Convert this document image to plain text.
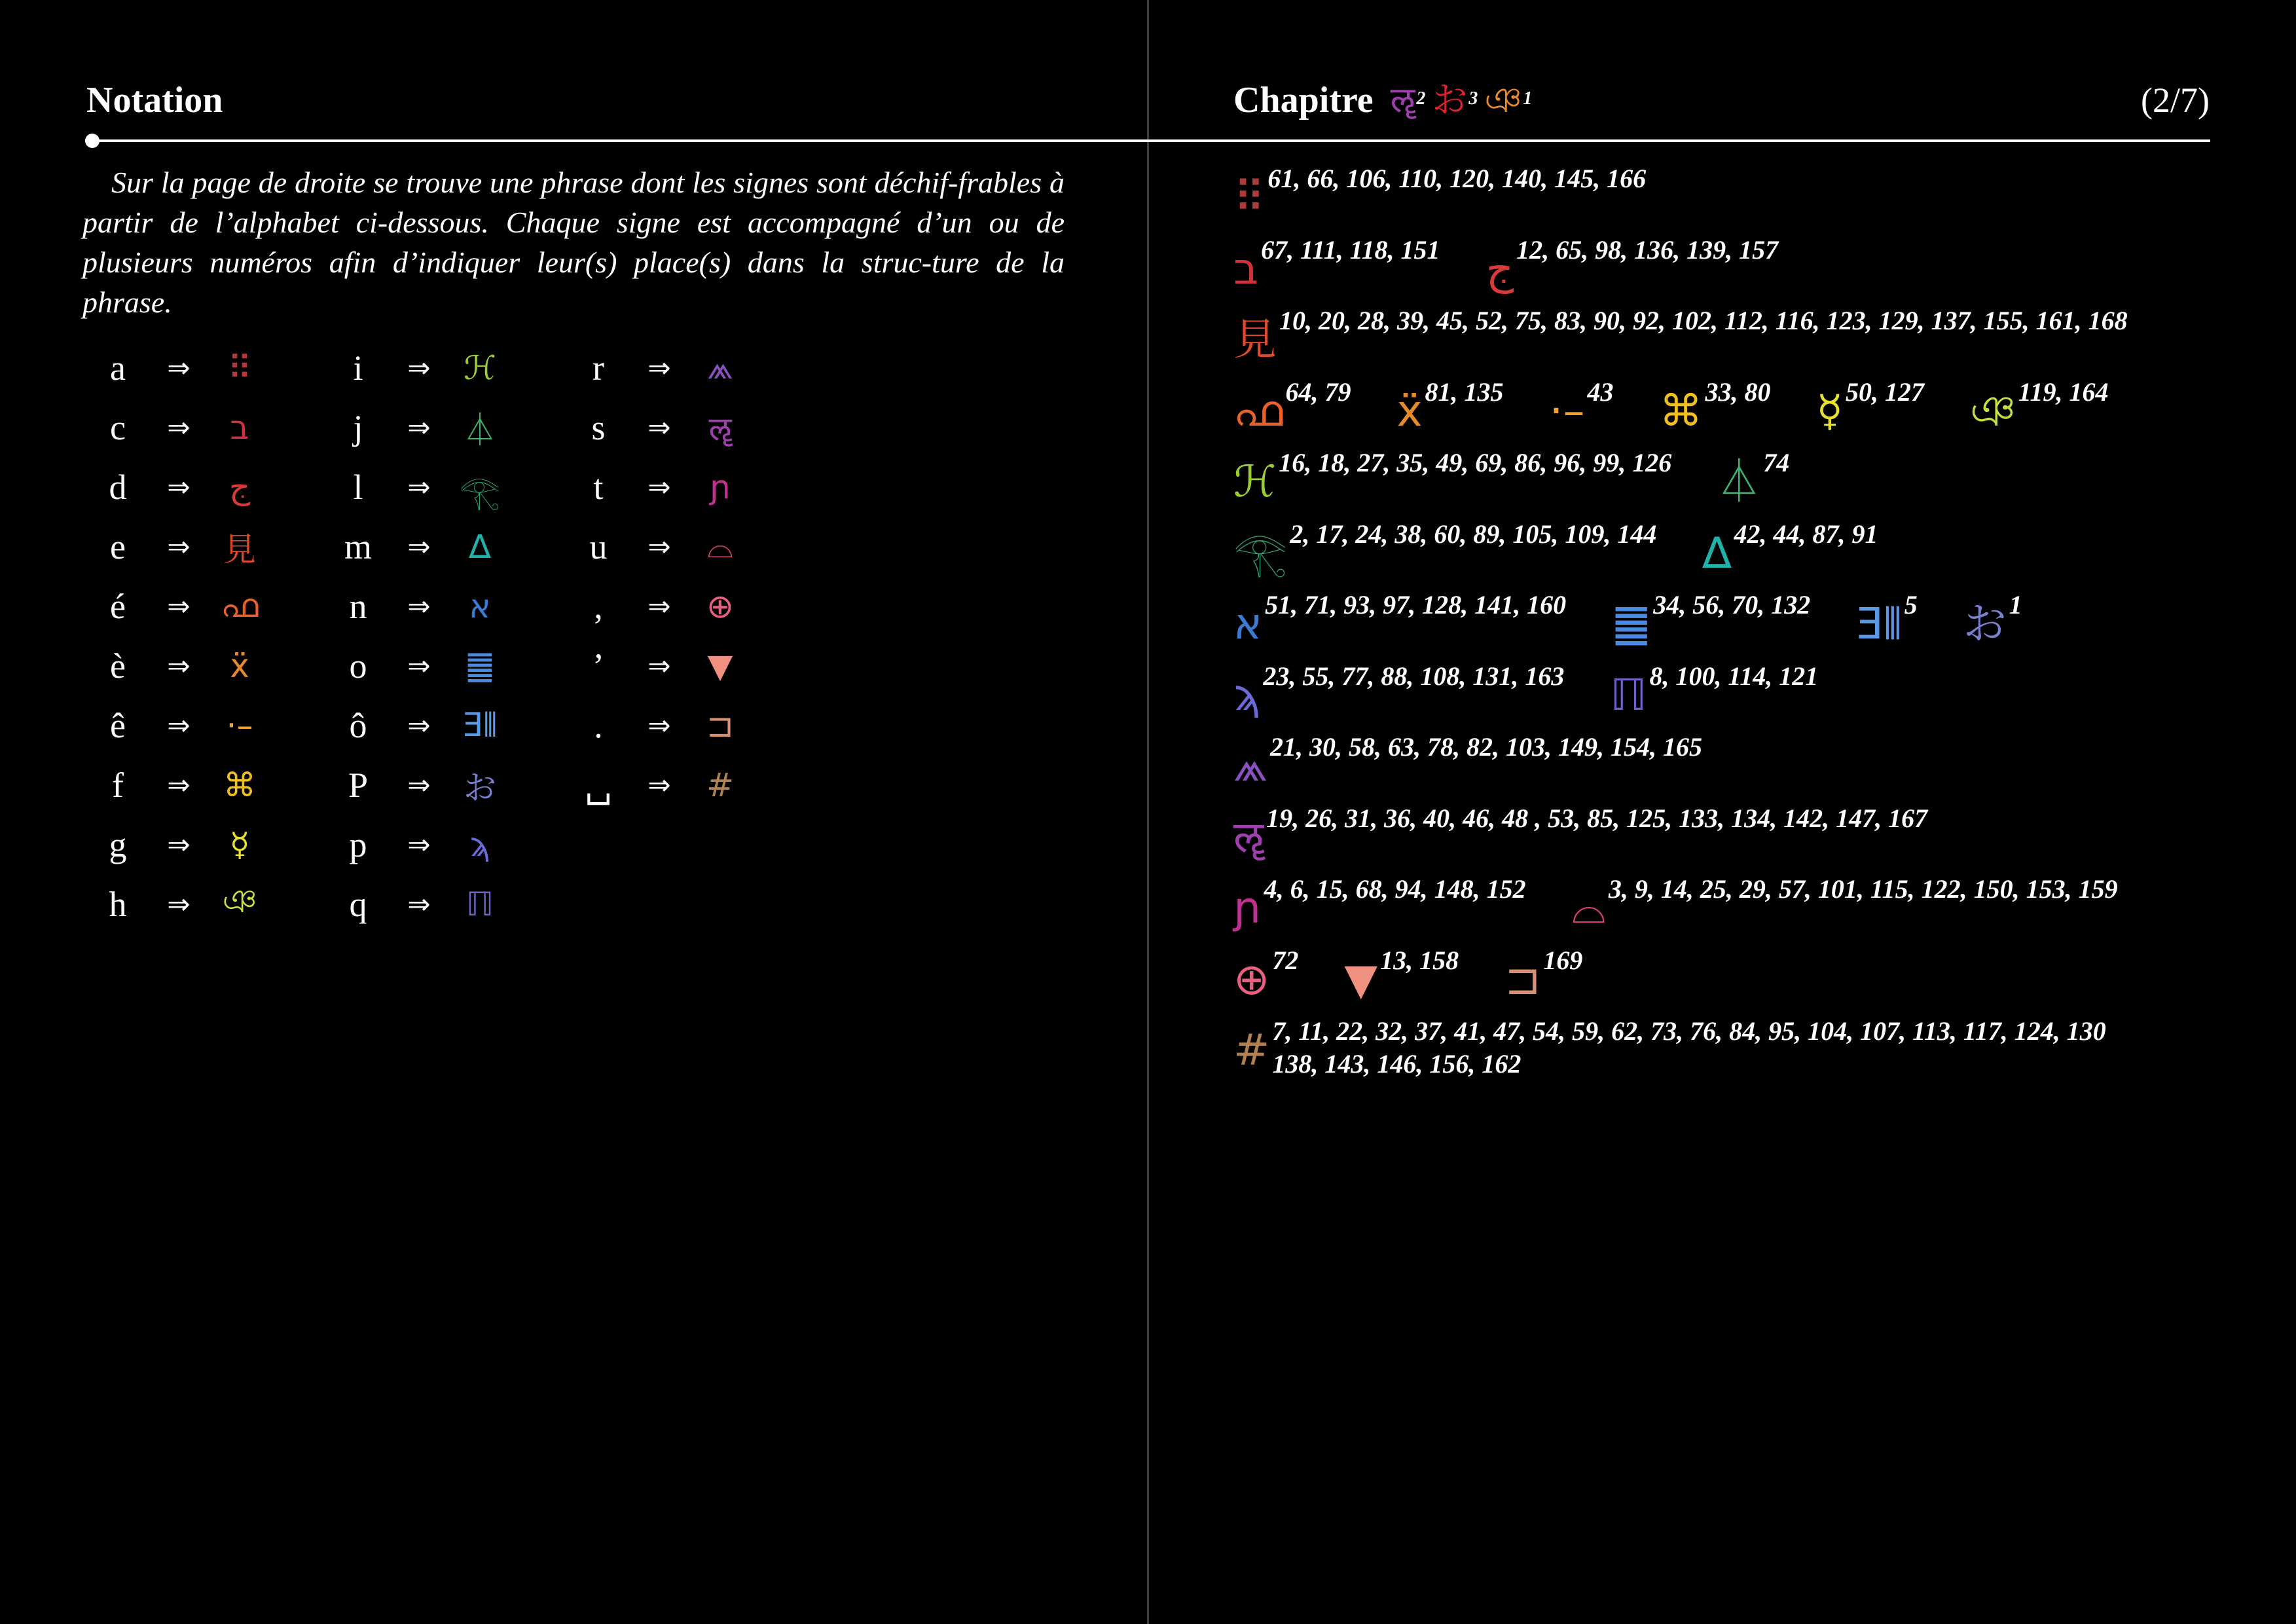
Notation	Chapitre ॡ$^2$ お$^3$ ঞ$^1$	(2/7)

Sur la page de droite se trouve une phrase dont les signes sont déchif-frables à partir de l’alphabet ci-dessous. Chaque signe est accompagné d’un ou de plusieurs numéros afin d’indiquer leur(s) place(s) dans la struc-ture de la phrase.

a	⇒	⠿
c	⇒	ב
d	⇒	ج
e	⇒	見
é	⇒ ഫ
è	⇒	ẍ
ê	⇒	·–
f	⇒	⌘
g	⇒	☿
h	⇒ ঞ
i	⇒	ℋ
j	⇒	⏃
l	⇒ 𓂀
m	⇒	∆
n	⇒	א
o	⇒	䷀
ô	⇒ Ǝ⫴
P	⇒	お
p	⇒	ϡ
q	⇒	ℿ
r	⇒	⩕
s	⇒	ॡ
t	⇒	ɲ
u	⇒	⌓
,	⇒	⊕
’	⇒	▼
.	⇒	⊐
␣	⇒	#
⠿ 61, 66, 106, 110, 120, 140, 145, 166
ב 67, 111, 118, 151 ج 12, 65, 98, 136, 139, 157
見 10, 20, 28, 39, 45, 52, 75, 83, 90, 92, 102, 112, 116, 123, 129, 137, 155, 161, 168
ഫ 64, 79 ẍ 81, 135 ·– 43 ⌘ 33, 80 ☿ 50, 127 ঞ 119, 164
ℋ 16, 18, 27, 35, 49, 69, 86, 96, 99, 126 ⏃ 74
𓂀 2, 17, 24, 38, 60, 89, 105, 109, 144 ∆ 42, 44, 87, 91
א 51, 71, 93, 97, 128, 141, 160 ䷀ 34, 56, 70, 132 Ǝ⫴ 5 お 1
ϡ 23, 55, 77, 88, 108, 131, 163 ℿ 8, 100, 114, 121
⩕ 21, 30, 58, 63, 78, 82, 103, 149, 154, 165
ॡ 19, 26, 31, 36, 40, 46, 48 , 53, 85, 125, 133, 134, 142, 147, 167
ɲ 4, 6, 15, 68, 94, 148, 152 ⌓ 3, 9, 14, 25, 29, 57, 101, 115, 122, 150, 153, 159
⊕ 72 ▼ 13, 158 ⊐ 169
# 7, 11, 22, 32, 37, 41, 47, 54, 59, 62, 73, 76, 84, 95, 104, 107, 113, 117, 124, 130
138, 143, 146, 156, 162
